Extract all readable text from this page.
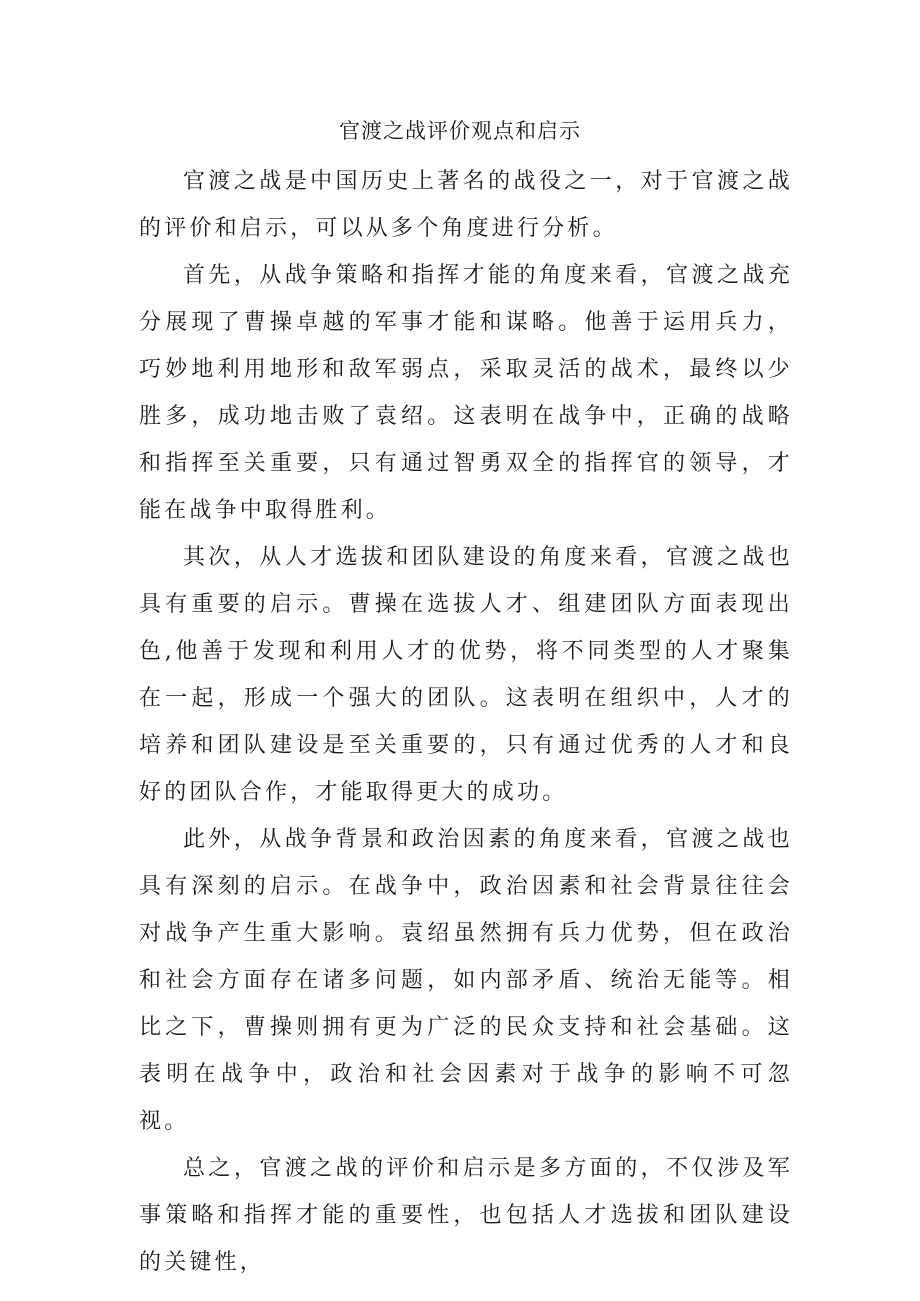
官渡之战评价观点和启示

官渡之战是中国历史上著名的战役之一，对于官渡之战的评价和启示，可以从多个角度进行分析。

首先，从战争策略和指挥才能的角度来看，官渡之战充分展现了曹操卓越的军事才能和谋略。他善于运用兵力，巧妙地利用地形和敌军弱点，采取灵活的战术，最终以少胜多，成功地击败了袁绍。这表明在战争中，正确的战略和指挥至关重要，只有通过智勇双全的指挥官的领导，才能在战争中取得胜利。

其次，从人才选拔和团队建设的角度来看，官渡之战也具有重要的启示。曹操在选拔人才、组建团队方面表现出色,他善于发现和利用人才的优势，将不同类型的人才聚集在一起，形成一个强大的团队。这表明在组织中，人才的培养和团队建设是至关重要的，只有通过优秀的人才和良好的团队合作，才能取得更大的成功。

此外，从战争背景和政治因素的角度来看，官渡之战也具有深刻的启示。在战争中，政治因素和社会背景往往会对战争产生重大影响。袁绍虽然拥有兵力优势，但在政治和社会方面存在诸多问题，如内部矛盾、统治无能等。相比之下，曹操则拥有更为广泛的民众支持和社会基础。这表明在战争中，政治和社会因素对于战争的影响不可忽视。

总之，官渡之战的评价和启示是多方面的，不仅涉及军事策略和指挥才能的重要性，也包括人才选拔和团队建设的关键性，
